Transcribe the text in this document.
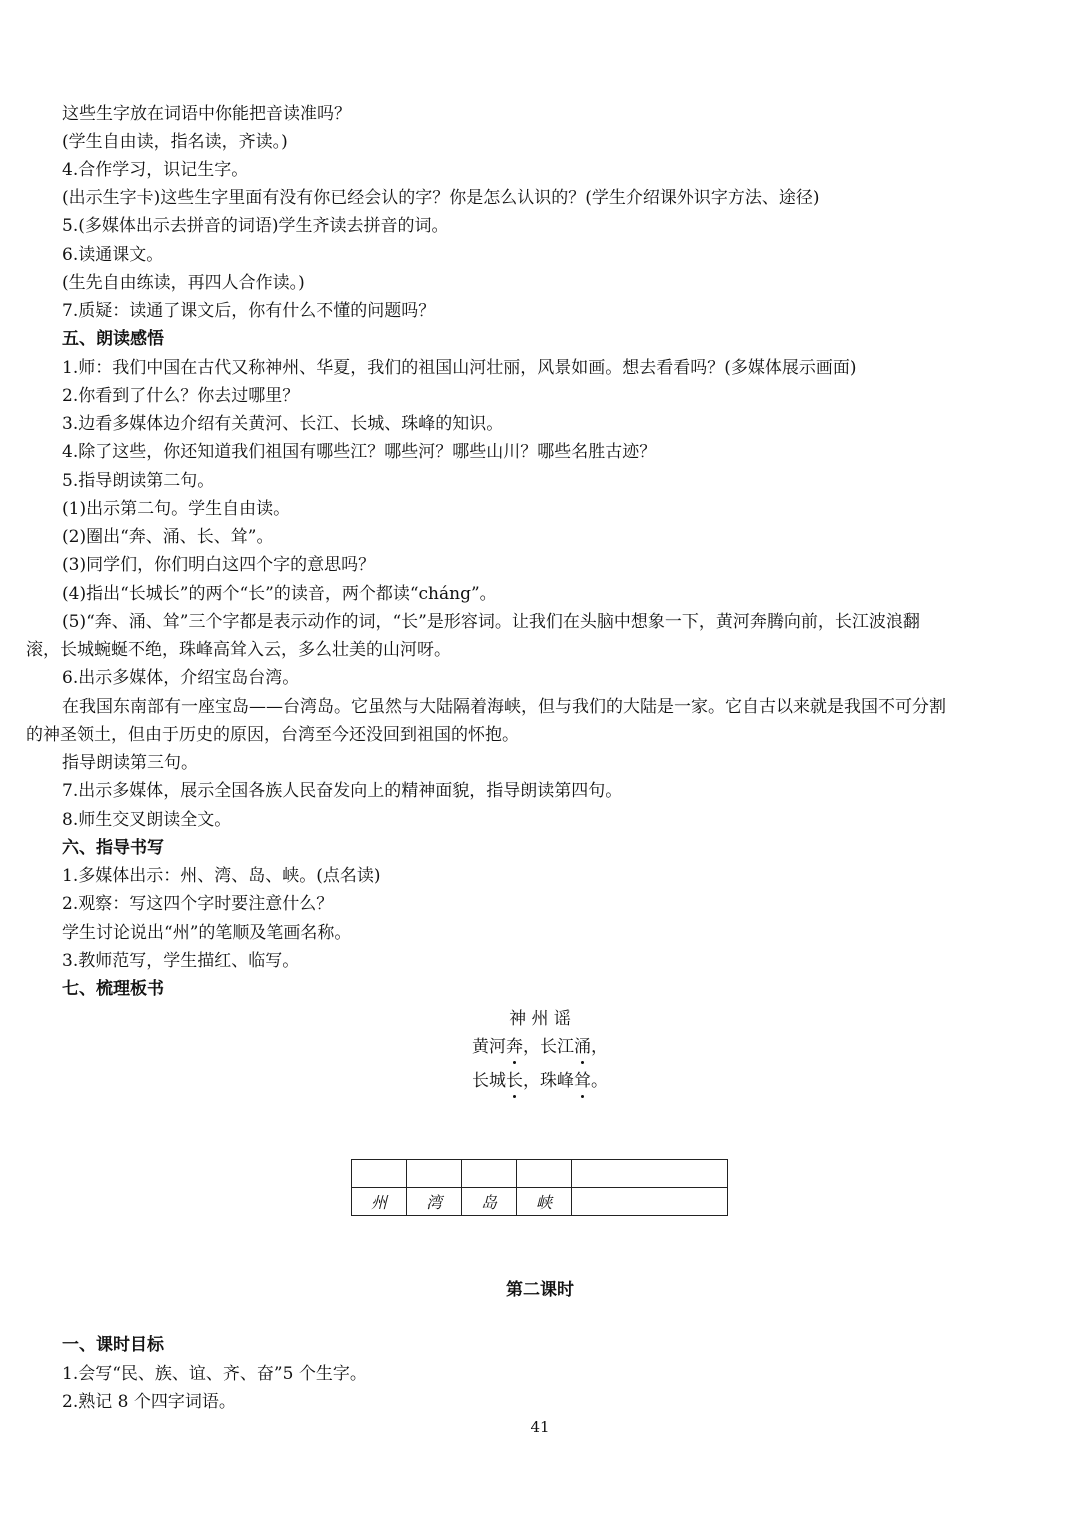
这些生字放在词语中你能把音读准吗？
(学生自由读，指名读，齐读。)
4.合作学习，识记生字。
(出示生字卡)这些生字里面有没有你已经会认的字？你是怎么认识的？(学生介绍课外识字方法、途径)
5.(多媒体出示去拼音的词语)学生齐读去拼音的词。
6.读通课文。
(生先自由练读，再四人合作读。)
7.质疑：读通了课文后，你有什么不懂的问题吗？
五、朗读感悟
1.师：我们中国在古代又称神州、华夏，我们的祖国山河壮丽，风景如画。想去看看吗？(多媒体展示画面)
2.你看到了什么？你去过哪里？
3.边看多媒体边介绍有关黄河、长江、长城、珠峰的知识。
4.除了这些，你还知道我们祖国有哪些江？哪些河？哪些山川？哪些名胜古迹？
5.指导朗读第二句。
(1)出示第二句。学生自由读。
(2)圈出“奔、涌、长、耸”。
(3)同学们，你们明白这四个字的意思吗？
(4)指出“长城长”的两个“长”的读音，两个都读“cháng”。
(5)“奔、涌、耸”三个字都是表示动作的词，“长”是形容词。让我们在头脑中想象一下，黄河奔腾向前，长江波浪翻
滚，长城蜿蜒不绝，珠峰高耸入云，多么壮美的山河呀。
6.出示多媒体，介绍宝岛台湾。
在我国东南部有一座宝岛——台湾岛。它虽然与大陆隔着海峡，但与我们的大陆是一家。它自古以来就是我国不可分割
的神圣领土，但由于历史的原因，台湾至今还没回到祖国的怀抱。
指导朗读第三句。
7.出示多媒体，展示全国各族人民奋发向上的精神面貌，指导朗读第四句。
8.师生交叉朗读全文。
六、指导书写
1.多媒体出示：州、湾、岛、峡。(点名读)
2.观察：写这四个字时要注意什么？
学生讨论说出“州”的笔顺及笔画名称。
3.教师范写，学生描红、临写。
七、梳理板书
神 州 谣
黄河奔，长江涌，
长城长，珠峰耸。

州	湾	岛	峡	
第二课时
一、课时目标
1.会写“民、族、谊、齐、奋”5 个生字。
2.熟记 8 个四字词语。
41
